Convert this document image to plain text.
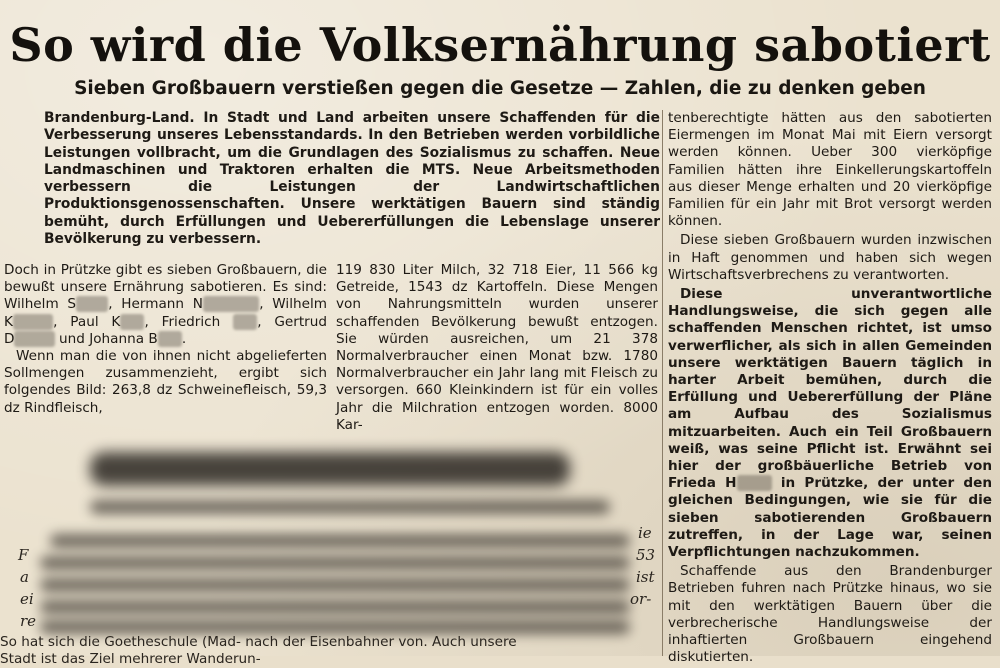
So wird die Volksernährung sabotiert
Sieben Großbauern verstießen gegen die Gesetze — Zahlen, die zu denken geben

Brandenburg-Land. In Stadt und Land arbeiten unsere Schaffenden für die Verbesserung unseres Lebensstandards. In den Betrieben werden vorbildliche Leistungen vollbracht, um die Grundlagen des Sozialismus zu schaffen. Neue Landmaschinen und Traktoren erhalten die MTS. Neue Arbeitsmethoden verbessern die Leistungen der Landwirtschaftlichen Produktionsgenossenschaften. Unsere werktätigen Bauern sind ständig bemüht, durch Erfüllungen und Uebererfüllungen die Lebenslage unserer Bevölkerung zu verbessern.

Doch in Prützke gibt es sieben Großbauern, die bewußt unsere Ernährung sabotieren. Es sind: Wilhelm S , Hermann N	, Wilhelm K	, Paul K , Friedrich , Gertrud D	und Johanna B .

Wenn man die von ihnen nicht abgelieferten Sollmengen zusammenzieht, ergibt sich folgendes Bild: 263,8 dz Schweinefleisch, 59,3 dz Rindfleisch,

119 830 Liter Milch, 32 718 Eier, 11 566 kg Getreide, 1543 dz Kartoffeln. Diese Mengen von Nahrungsmitteln wurden unserer schaffenden Bevölkerung bewußt entzogen. Sie würden ausreichen, um 21 378 Normalverbraucher einen Monat bzw. 1780 Normalverbraucher ein Jahr lang mit Fleisch zu versorgen. 660 Kleinkindern ist für ein volles Jahr die Milchration entzogen worden. 8000 Kar-

tenberechtigte hätten aus den sabotierten Eiermengen im Monat Mai mit Eiern versorgt werden können. Ueber 300 vierköpfige Familien hätten ihre Einkellerungskartoffeln aus dieser Menge erhalten und 20 vierköpfige Familien für ein Jahr mit Brot versorgt werden können.

Diese sieben Großbauern wurden inzwischen in Haft genommen und haben sich wegen Wirtschaftsverbrechens zu verantworten.

Diese unverantwortliche Handlungsweise, die sich gegen alle schaffenden Menschen richtet, ist umso verwerflicher, als sich in allen Gemeinden unsere werktätigen Bauern täglich in harter Arbeit bemühen, durch die Erfüllung und Uebererfüllung der Pläne am Aufbau des Sozialismus mitzuarbeiten. Auch ein Teil Großbauern weiß, was seine Pflicht ist. Erwähnt sei hier der großbäuerliche Betrieb von Frieda H	in Prützke, der unter den gleichen Bedingungen, wie sie für die sieben sabotierenden Großbauern zutreffen, in der Lage war, seinen Verpflichtungen nachzukommen.

Schaffende aus den Brandenburger Betrieben fuhren nach Prützke hinaus, wo sie mit den werktätigen Bauern über die verbrecherische Handlungsweise der inhaftierten Großbauern eingehend diskutierten.

F
a
ei
re
ie
53
ist
or-
So hat sich die Goetheschule (Mad- nach der Eisenbahner von. Auch unsere
Stadt ist das Ziel mehrerer Wanderun-
